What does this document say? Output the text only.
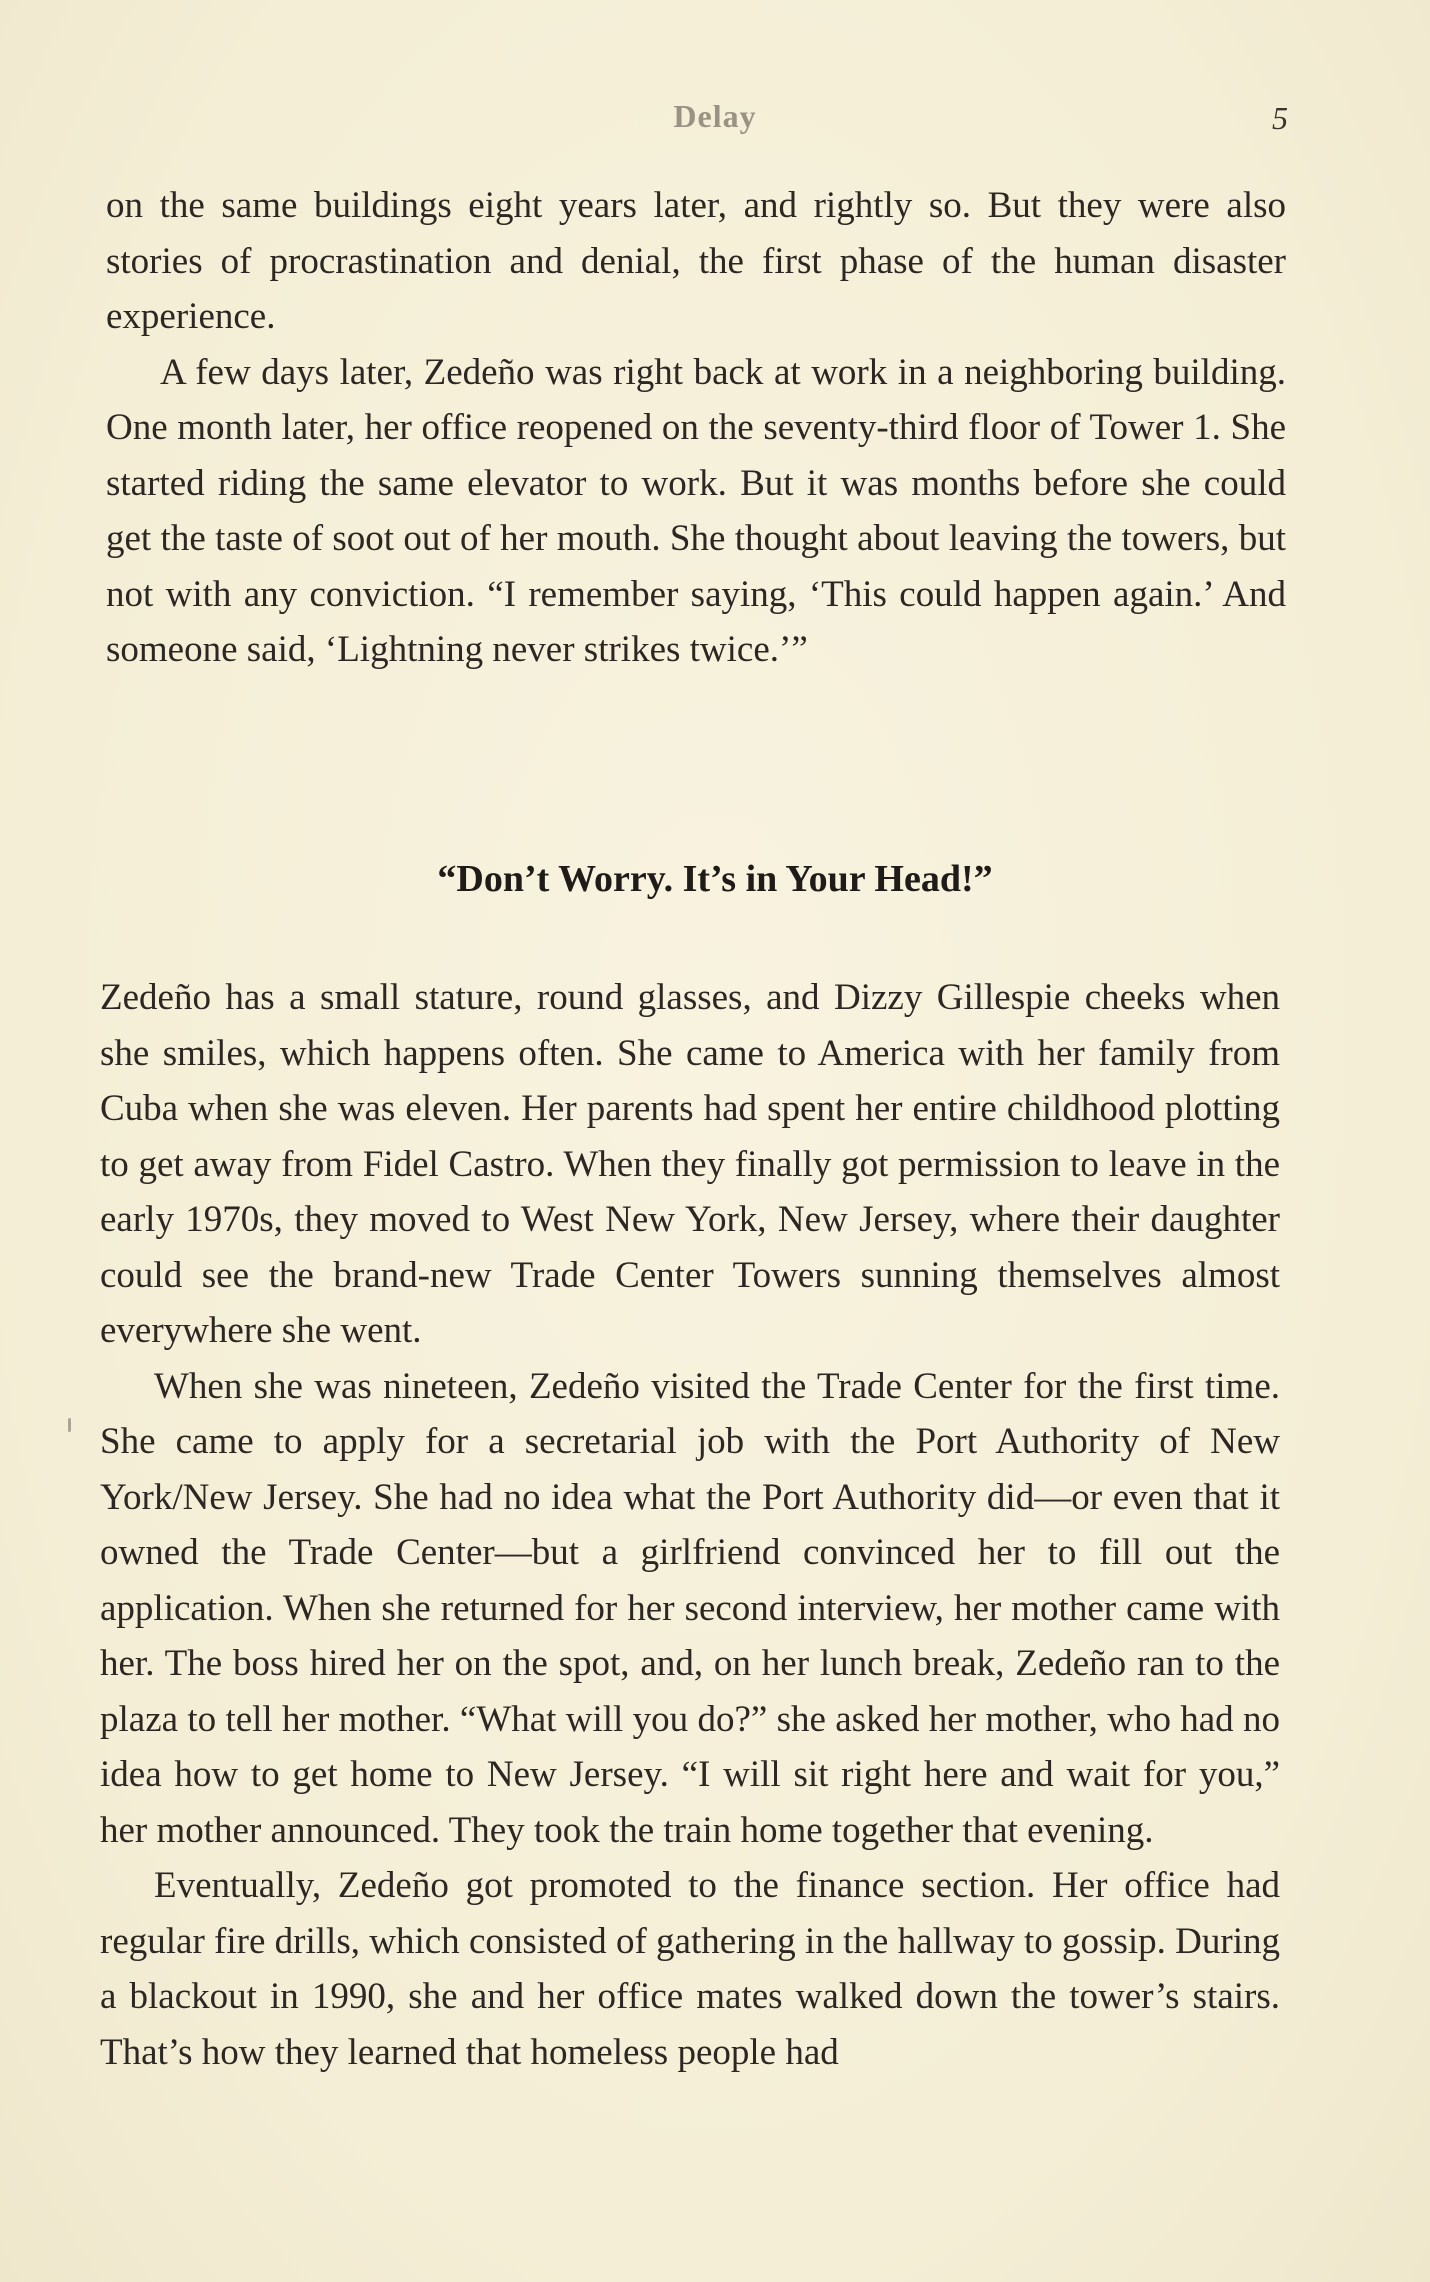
Delay	5

on the same buildings eight years later, and rightly so. But they were also stories of procrastination and denial, the first phase of the human disaster experience.

A few days later, Zedeño was right back at work in a neighboring building. One month later, her office reopened on the seventy-third floor of Tower 1. She started riding the same elevator to work. But it was months before she could get the taste of soot out of her mouth. She thought about leaving the towers, but not with any conviction. “I remember saying, ‘This could happen again.’ And someone said, ‘Lightning never strikes twice.’”

“Don’t Worry. It’s in Your Head!”

Zedeño has a small stature, round glasses, and Dizzy Gillespie cheeks when she smiles, which happens often. She came to America with her family from Cuba when she was eleven. Her parents had spent her entire childhood plotting to get away from Fidel Castro. When they finally got permission to leave in the early 1970s, they moved to West New York, New Jersey, where their daughter could see the brand-new Trade Center Towers sunning themselves almost everywhere she went.

When she was nineteen, Zedeño visited the Trade Center for the first time. She came to apply for a secretarial job with the Port Authority of New York/New Jersey. She had no idea what the Port Authority did—or even that it owned the Trade Center—but a girlfriend convinced her to fill out the application. When she returned for her second interview, her mother came with her. The boss hired her on the spot, and, on her lunch break, Zedeño ran to the plaza to tell her mother. “What will you do?” she asked her mother, who had no idea how to get home to New Jersey. “I will sit right here and wait for you,” her mother announced. They took the train home together that evening.

Eventually, Zedeño got promoted to the finance section. Her office had regular fire drills, which consisted of gathering in the hallway to gossip. During a blackout in 1990, she and her office mates walked down the tower’s stairs. That’s how they learned that homeless people had
